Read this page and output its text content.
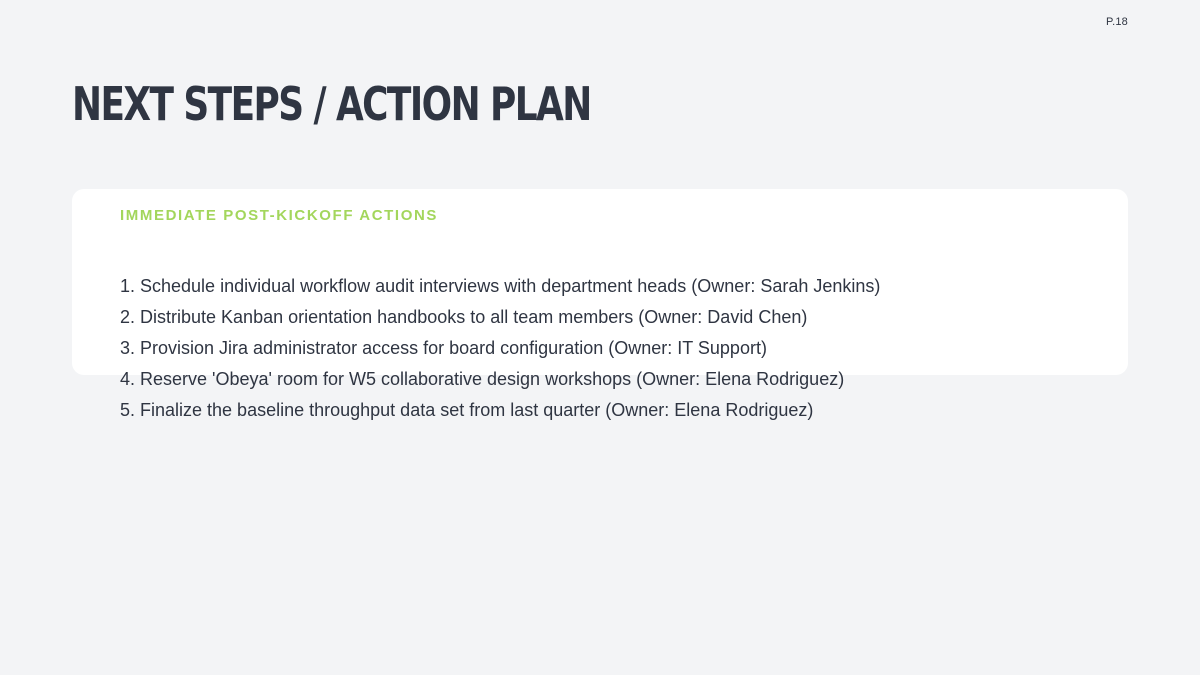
P.18
NEXT STEPS / ACTION PLAN
IMMEDIATE POST-KICKOFF ACTIONS
1. Schedule individual workflow audit interviews with department heads (Owner: Sarah Jenkins)
2. Distribute Kanban orientation handbooks to all team members (Owner: David Chen)
3. Provision Jira administrator access for board configuration (Owner: IT Support)
4. Reserve 'Obeya' room for W5 collaborative design workshops (Owner: Elena Rodriguez)
5. Finalize the baseline throughput data set from last quarter (Owner: Elena Rodriguez)
